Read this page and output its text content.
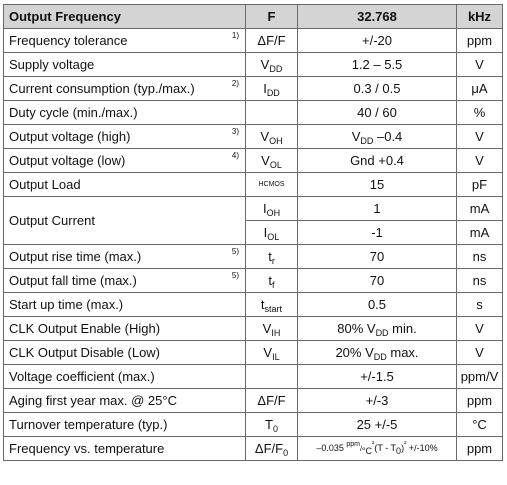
Output Frequency	F	32.768	kHz
Frequency tolerance 1)	ΔF/F	+/-20	ppm
Supply voltage	$V_{DD}$	1.2 – 5.5	V
Current consumption (typ./max.) 2)	$I_{DD}$	0.3 / 0.5	μA
Duty cycle (min./max.)		40 / 60	%
Output voltage (high) 3)	$V_{OH}$	$V_{DD}$ –0.4	V
Output voltage (low) 4)	$V_{OL}$	Gnd +0.4	V
Output Load	HCMOS	15	pF
Output Current	$I_{OH}$	1	mA
	$I_{OL}$	-1	mA
Output rise time (max.) 5)	$t_r$	70	ns
Output fall time (max.) 5)	$t_f$	70	ns
Start up time (max.)	$t_{start}$	0.5	s
CLK Output Enable (High)	$V_{IH}$	80% $V_{DD}$ min.	V
CLK Output Disable (Low)	$V_{IL}$	20% $V_{DD}$ max.	V
Voltage coefficient (max.)		+/-1.5	ppm/V
Aging first year max. @ 25°C	ΔF/F	+/-3	ppm
Turnover temperature (typ.)	$T_0$	25 +/-5	°C
Frequency vs. temperature	$\Delta F/F_0$	–0.035 $^{ppm}/_{^\circ C}^{^2}(T - T_0)^{^2} +/-10\%$	ppm
